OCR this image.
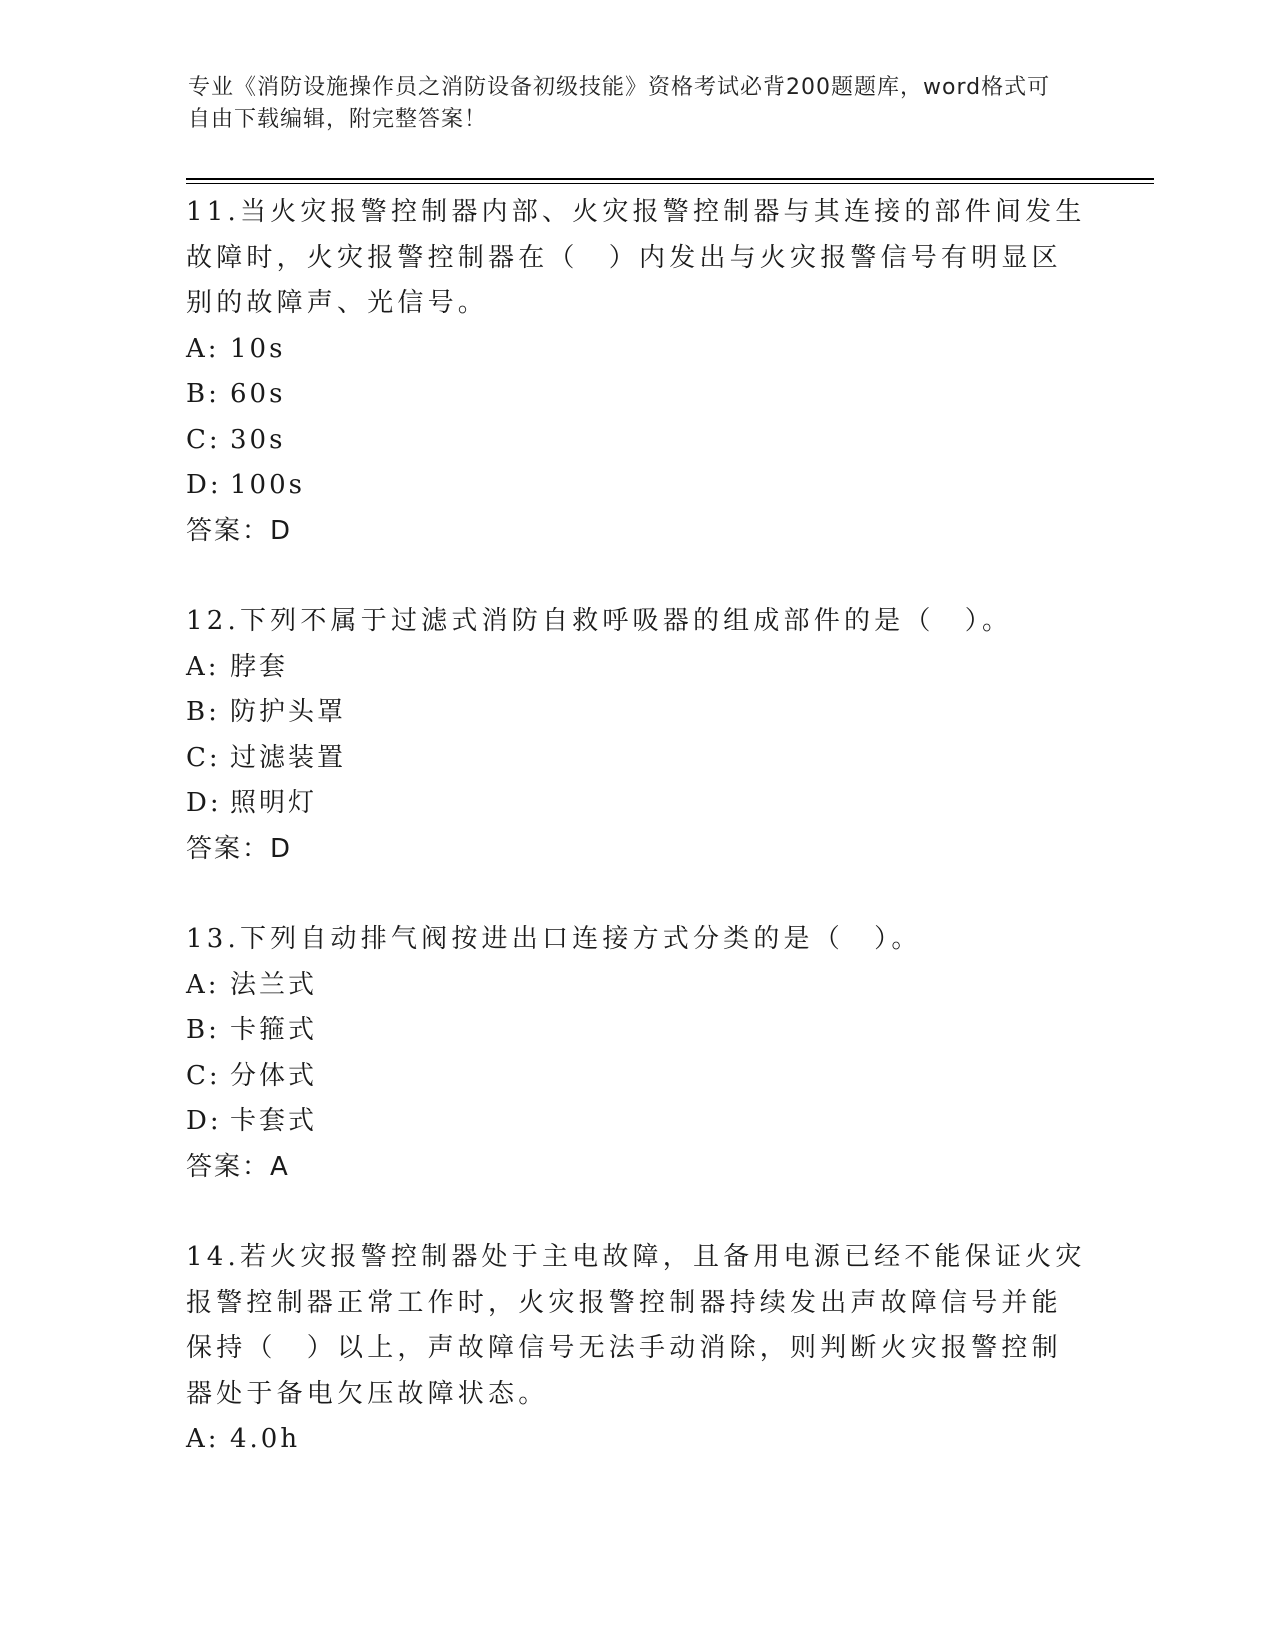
专业《消防设施操作员之消防设备初级技能》资格考试必背200题题库，word格式可自由下载编辑，附完整答案！
11.当火灾报警控制器内部、火灾报警控制器与其连接的部件间发生故障时，火灾报警控制器在（　）内发出与火灾报警信号有明显区别的故障声、光信号。
A: 10s
B: 60s
C: 30s
D: 100s
答案：D
12.下列不属于过滤式消防自救呼吸器的组成部件的是（　）。
A: 脖套
B: 防护头罩
C: 过滤装置
D: 照明灯
答案：D
13.下列自动排气阀按进出口连接方式分类的是（　）。
A: 法兰式
B: 卡箍式
C: 分体式
D: 卡套式
答案：A
14.若火灾报警控制器处于主电故障，且备用电源已经不能保证火灾报警控制器正常工作时，火灾报警控制器持续发出声故障信号并能保持（　）以上，声故障信号无法手动消除，则判断火灾报警控制器处于备电欠压故障状态。
A: 4.0h
